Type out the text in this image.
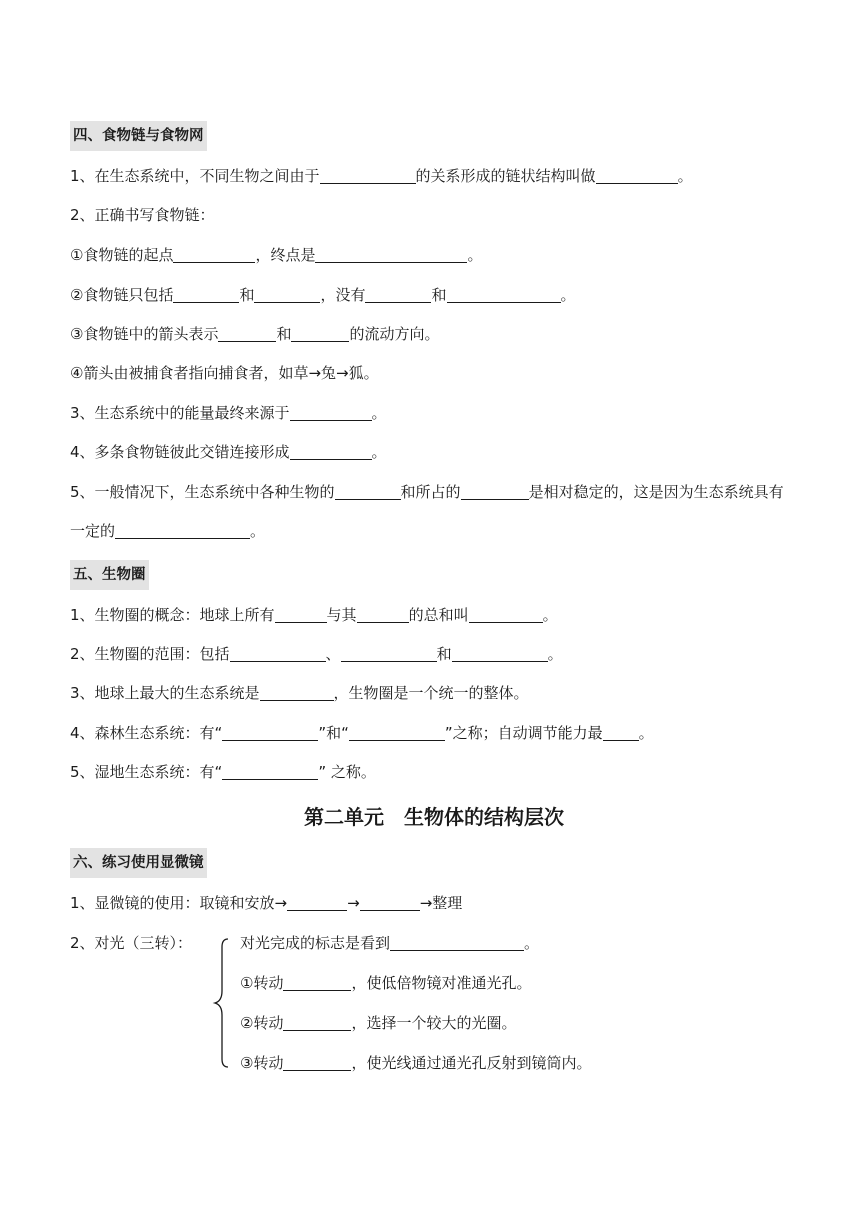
四、食物链与食物网
1、在生态系统中，不同生物之间由于	的关系形成的链状结构叫做	。
2、正确书写食物链：
①食物链的起点	，终点是	。
②食物链只包括	和	，没有	和	。
③食物链中的箭头表示	和	的流动方向。
④箭头由被捕食者指向捕食者，如草→兔→狐。
3、生态系统中的能量最终来源于	。
4、多条食物链彼此交错连接形成	。
5、一般情况下，生态系统中各种生物的	和所占的	是相对稳定的，这是因为生态系统具有
一定的	。
五、生物圈
1、生物圈的概念：地球上所有	与其	的总和叫	。
2、生物圈的范围：包括	、	和	。
3、地球上最大的生态系统是	，生物圈是一个统一的整体。
4、森林生态系统：有“	”和“	”之称；自动调节能力最 。
5、湿地生态系统：有“	” 之称。
第二单元 生物体的结构层次
六、练习使用显微镜
1、显微镜的使用：取镜和安放→	→	→整理
2、对光（三转）：	对光完成的标志是看到	。
①转动	，使低倍物镜对准通光孔。
②转动	，选择一个较大的光圈。
③转动	，使光线通过通光孔反射到镜筒内。
